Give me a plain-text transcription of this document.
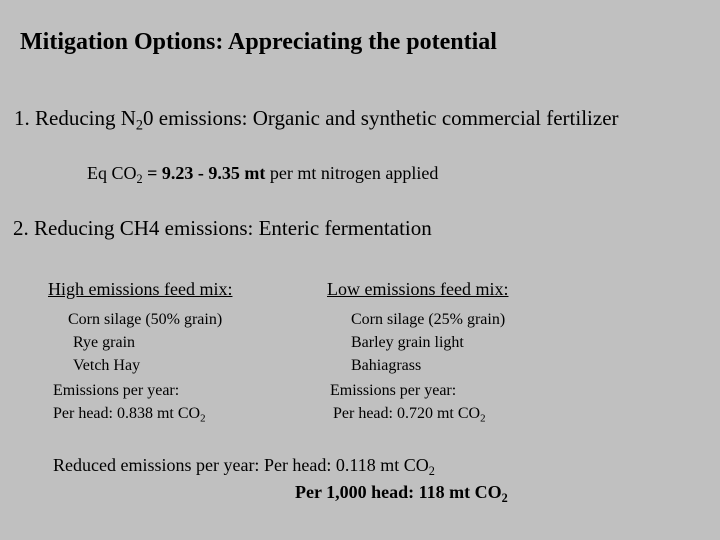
Mitigation Options: Appreciating the potential
1. Reducing $N_20$ emissions: Organic and synthetic commercial fertilizer
Eq $CO_2 = 9.23 - 9.35$ mt per mt nitrogen applied
2. Reducing CH4 emissions: Enteric fermentation
High emissions feed mix:
Corn silage (50% grain)
Rye grain
Vetch Hay
Emissions per year:
Per head: 0.838 mt $CO_2$
Low emissions feed mix:
Corn silage (25% grain)
Barley grain light
Bahiagrass
Emissions per year:
Per head: 0.720 mt $CO_2$
Reduced emissions per year: Per head: 0.118 mt $CO_2$
Per 1,000 head: 118 mt $CO_2$
